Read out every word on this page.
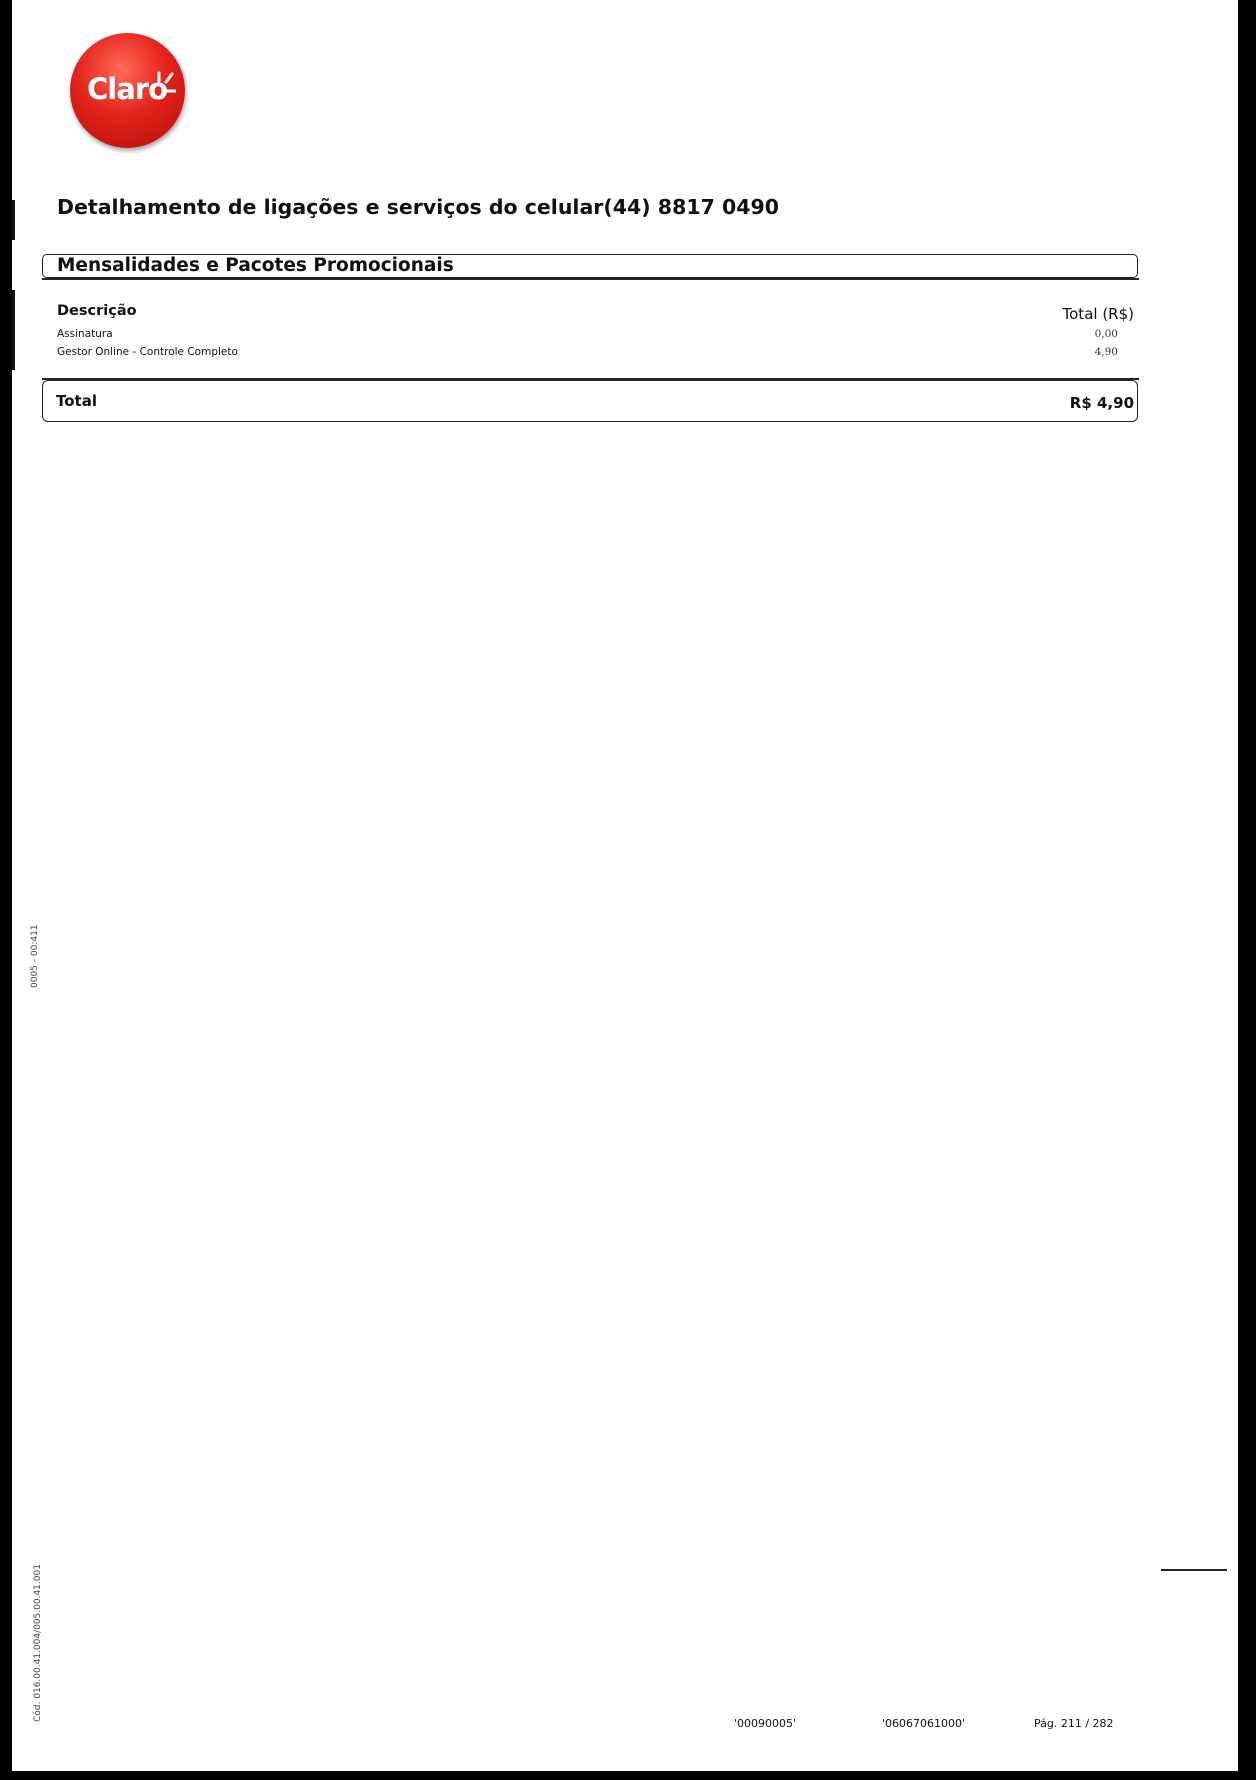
Claro
Detalhamento de ligações e serviços do celular(44) 8817 0490
Mensalidades e Pacotes Promocionais
Descrição	Total (R$)
Assinatura	0,00
Gestor Online - Controle Completo	4,90
Total	R$ 4,90
0005 - 00:411
Cód. 016.00.41.004/005.00.41.001
'00090005'	'06067061000'	Pág. 211 / 282
